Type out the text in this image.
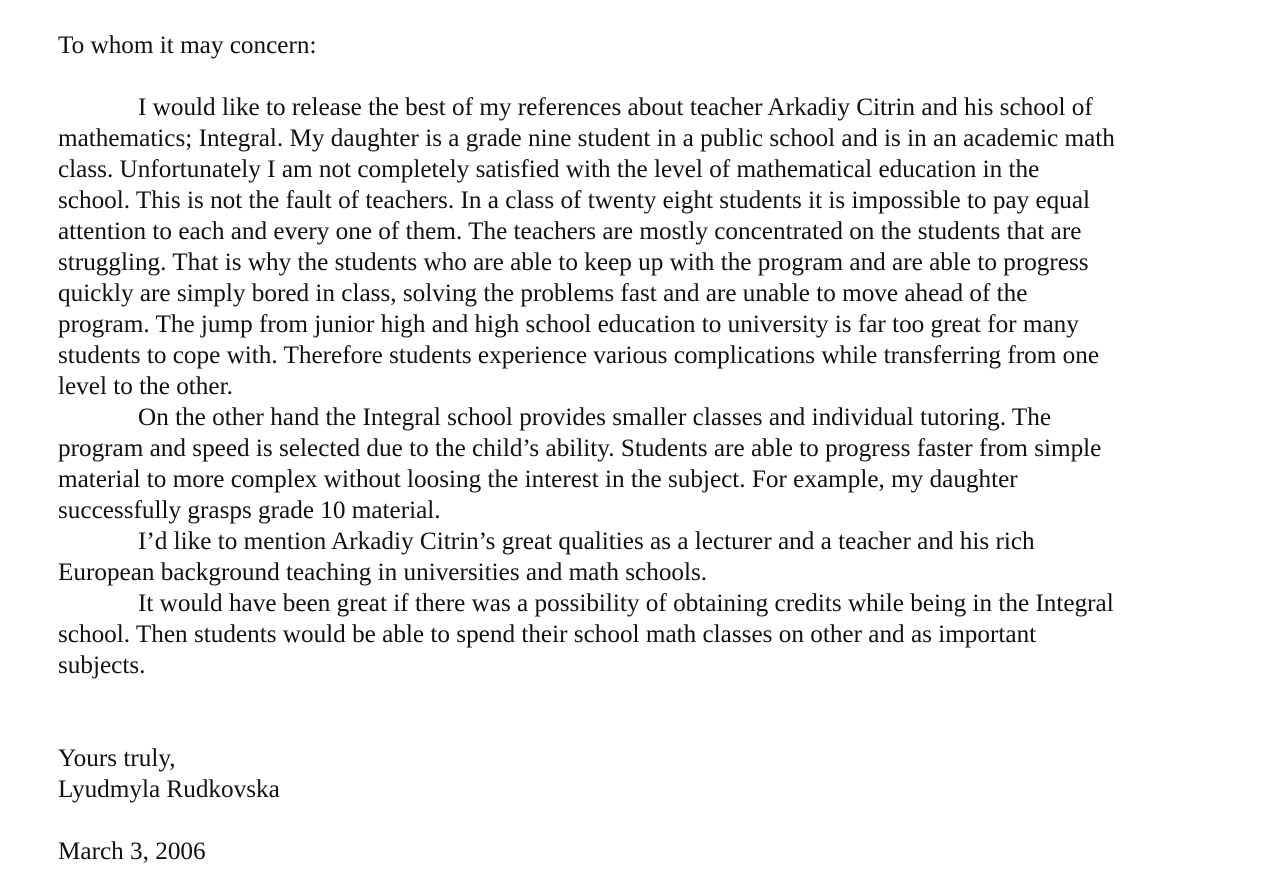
To whom it may concern:

I would like to release the best of my references about teacher Arkadiy Citrin and his school of

mathematics; Integral. My daughter is a grade nine student in a public school and is in an academic math

class. Unfortunately I am not completely satisfied with the level of mathematical education in the

school. This is not the fault of teachers. In a class of twenty eight students it is impossible to pay equal

attention to each and every one of them. The teachers are mostly concentrated on the students that are

struggling. That is why the students who are able to keep up with the program and are able to progress

quickly are simply bored in class, solving the problems fast and are unable to move ahead of the

program. The jump from junior high and high school education to university is far too great for many

students to cope with. Therefore students experience various complications while transferring from one

level to the other.

On the other hand the Integral school provides smaller classes and individual tutoring. The

program and speed is selected due to the child’s ability. Students are able to progress faster from simple

material to more complex without loosing the interest in the subject. For example, my daughter

successfully grasps grade 10 material.

I’d like to mention Arkadiy Citrin’s great qualities as a lecturer and a teacher and his rich

European background teaching in universities and math schools.

It would have been great if there was a possibility of obtaining credits while being in the Integral

school. Then students would be able to spend their school math classes on other and as important

subjects.

Yours truly,

Lyudmyla Rudkovska

March 3, 2006
